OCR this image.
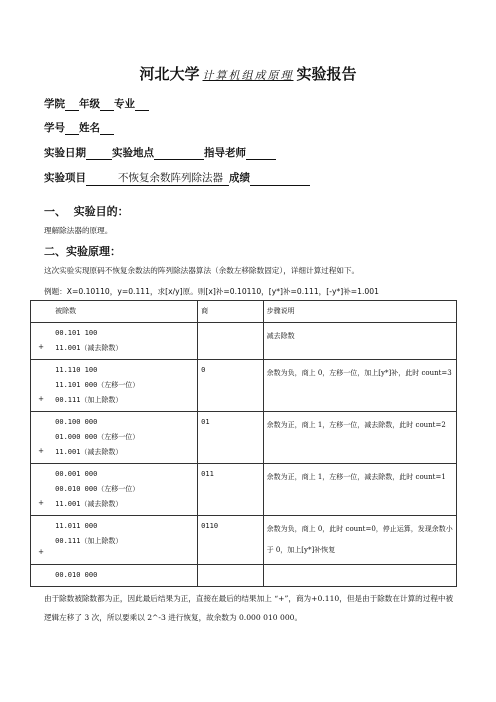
河北大学 计算机组成原理 实验报告
学院 年级 专业
学号 姓名
实验日期 实验地点	指导老师
实验项目	不恢复余数阵列除法器 成绩
一、 实验目的：
理解除法器的原理。
二、实验原理：
这次实验实现原码不恢复余数法的阵列除法器算法（余数左移除数固定），详细计算过程如下。
例题：X=0.10110，y=0.111，求[x/y]原。则[x]补=0.10110，[y*]补=0.111，[-y*]补=1.001
	被除数	商	步骤说明
+	00.101 100
11.001（减去除数）		减去除数
+	11.110 100
11.101 000（左移一位）
00.111（加上除数）	0	余数为负，商上 0，左移一位，加上[y*]补，此时 count=3
+	00.100 000
01.000 000（左移一位）
11.001（减去除数）	01	余数为正，商上 1，左移一位，减去除数，此时 count=2
+	00.001 000
00.010 000（左移一位）
11.001（减去除数）	011	余数为正，商上 1，左移一位，减去除数，此时 count=1
+	11.011 000
00.111（加上除数）	0110	余数为负，商上 0，此时 count=0，停止运算，发现余数小于 0，加上[y*]补恢复

	00.010 000		

由于除数被除数都为正，因此最后结果为正，直接在最后的结果加上 “+”，商为+0.110，但是由于除数在计算的过程中被逻辑左移了 3 次，所以要乘以 2^-3 进行恢复，故余数为 0.000 010 000。
